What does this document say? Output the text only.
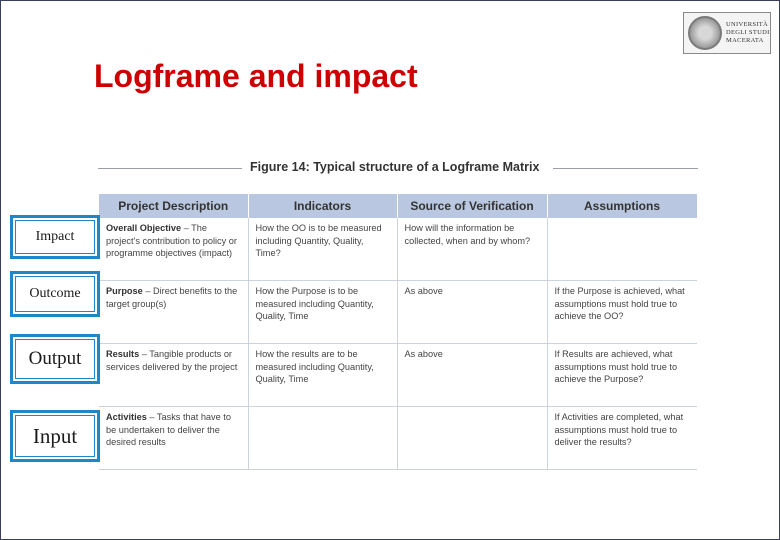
UNIVERSITÀ
DEGLI STUDI
MACERATA
Logframe and impact
Figure 14: Typical structure of a Logframe Matrix
Project Description	Indicators	Source of Verification	Assumptions
Overall Objective – The project's contribution to policy or programme objectives (impact)	How the OO is to be measured including Quantity, Quality, Time?	How will the information be collected, when and by whom?	
Purpose – Direct benefits to the target group(s)	How the Purpose is to be measured including Quantity, Quality, Time	As above	If the Purpose is achieved, what assumptions must hold true to achieve the OO?
Results – Tangible products or services delivered by the project	How the results are to be measured including Quantity, Quality, Time	As above	If Results are achieved, what assumptions must hold true to achieve the Purpose?
Activities – Tasks that have to be undertaken to deliver the desired results			If Activities are completed, what assumptions must hold true to deliver the results?
Impact
Outcome
Output
Input
